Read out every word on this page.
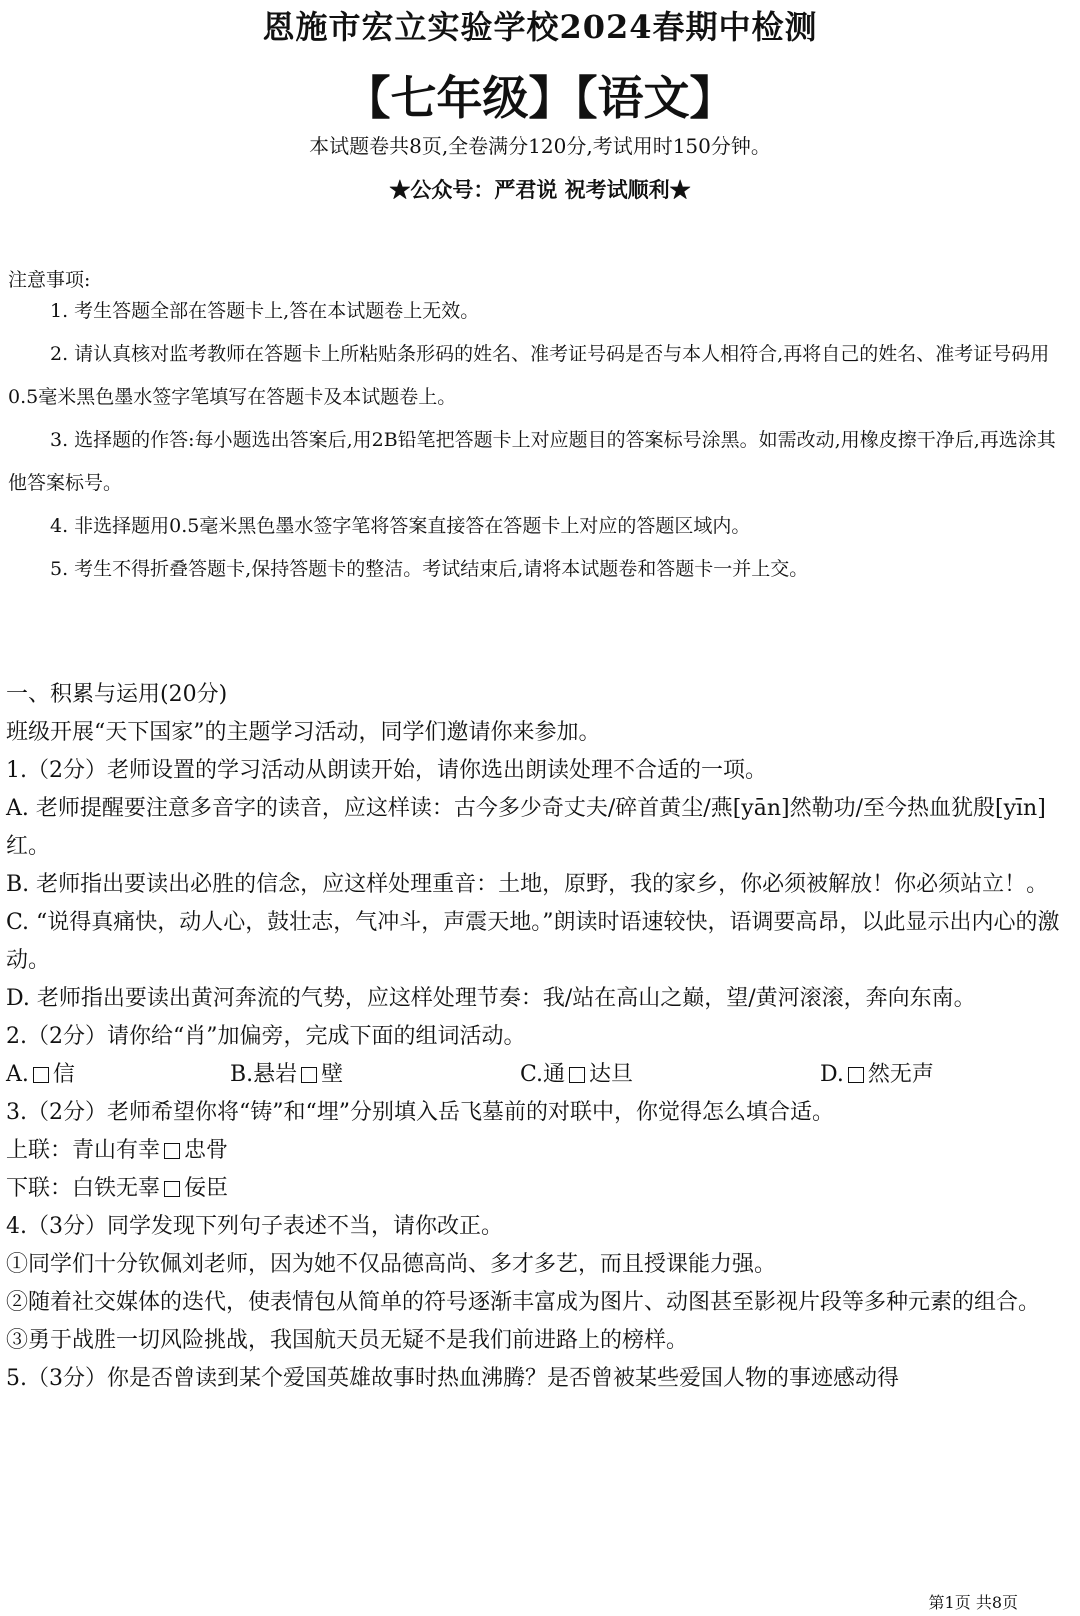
恩施市宏立实验学校2024春期中检测
【七年级】【语文】
本试题卷共8页,全卷满分120分,考试用时150分钟。
★公众号：严君说 祝考试顺利★
注意事项:

1. 考生答题全部在答题卡上,答在本试题卷上无效。

2. 请认真核对监考教师在答题卡上所粘贴条形码的姓名、准考证号码是否与本人相符合,再将自己的姓名、准考证号码用0.5毫米黑色墨水签字笔填写在答题卡及本试题卷上。

3. 选择题的作答:每小题选出答案后,用2B铅笔把答题卡上对应题目的答案标号涂黑。如需改动,用橡皮擦干净后,再选涂其他答案标号。

4. 非选择题用0.5毫米黑色墨水签字笔将答案直接答在答题卡上对应的答题区域内。

5. 考生不得折叠答题卡,保持答题卡的整洁。考试结束后,请将本试题卷和答题卡一并上交。

一、积累与运用(20分)

班级开展“天下国家”的主题学习活动，同学们邀请你来参加。

1.（2分）老师设置的学习活动从朗读开始，请你选出朗读处理不合适的一项。

A. 老师提醒要注意多音字的读音，应这样读：古今多少奇丈夫/碎首黄尘/燕[yān]然勒功/至今热血犹殷[yīn]红。

B. 老师指出要读出必胜的信念，应这样处理重音：土地，原野，我的家乡，你必须被解放！你必须站立！。

C. “说得真痛快，动人心，鼓壮志，气冲斗，声震天地。”朗读时语速较快，语调要高昂，以此显示出内心的激动。

D. 老师指出要读出黄河奔流的气势，应这样处理节奏：我/站在高山之巅，望/黄河滚滚，奔向东南。

2.（2分）请你给“肖”加偏旁，完成下面的组词活动。

A. 信	B.悬岩 壁	C.通 达旦	D. 然无声

3.（2分）老师希望你将“铸”和“埋”分别填入岳飞墓前的对联中，你觉得怎么填合适。

上联：青山有幸 忠骨

下联：白铁无辜 佞臣

4.（3分）同学发现下列句子表述不当，请你改正。

①同学们十分钦佩刘老师，因为她不仅品德高尚、多才多艺，而且授课能力强。

②随着社交媒体的迭代，使表情包从简单的符号逐渐丰富成为图片、动图甚至影视片段等多种元素的组合。

③勇于战胜一切风险挑战，我国航天员无疑不是我们前进路上的榜样。

5.（3分）你是否曾读到某个爱国英雄故事时热血沸腾？是否曾被某些爱国人物的事迹感动得

第1页 共8页
